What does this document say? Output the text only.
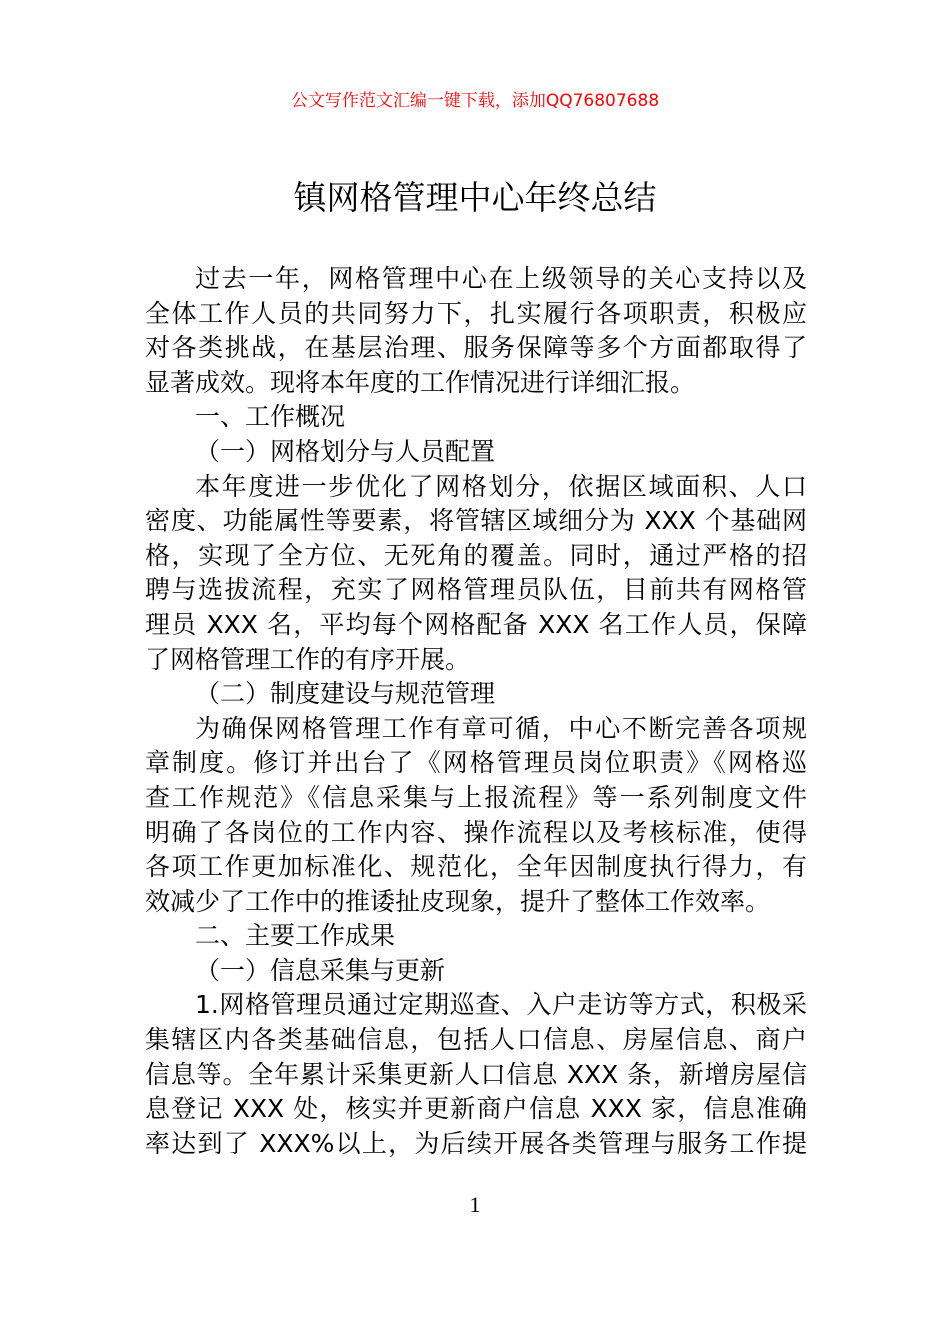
公文写作范文汇编一键下载，添加QQ76807688
镇网格管理中心年终总结
过去一年，网格管理中心在上级领导的关心支持以及
全体工作人员的共同努力下，扎实履行各项职责，积极应
对各类挑战，在基层治理、服务保障等多个方面都取得了
显著成效。现将本年度的工作情况进行详细汇报。
一、工作概况
（一）网格划分与人员配置
本年度进一步优化了网格划分，依据区域面积、人口
密度、功能属性等要素，将管辖区域细分为 XXX 个基础网
格，实现了全方位、无死角的覆盖。同时，通过严格的招
聘与选拔流程，充实了网格管理员队伍，目前共有网格管
理员 XXX 名，平均每个网格配备 XXX 名工作人员，保障
了网格管理工作的有序开展。
（二）制度建设与规范管理
为确保网格管理工作有章可循，中心不断完善各项规
章制度。修订并出台了《网格管理员岗位职责》《网格巡
查工作规范》《信息采集与上报流程》等一系列制度文件
明确了各岗位的工作内容、操作流程以及考核标准，使得
各项工作更加标准化、规范化，全年因制度执行得力，有
效减少了工作中的推诿扯皮现象，提升了整体工作效率。
二、主要工作成果
（一）信息采集与更新
1.网格管理员通过定期巡查、入户走访等方式，积极采
集辖区内各类基础信息，包括人口信息、房屋信息、商户
信息等。全年累计采集更新人口信息 XXX 条，新增房屋信
息登记 XXX 处，核实并更新商户信息 XXX 家，信息准确
率达到了 XXX%以上，为后续开展各类管理与服务工作提
1
